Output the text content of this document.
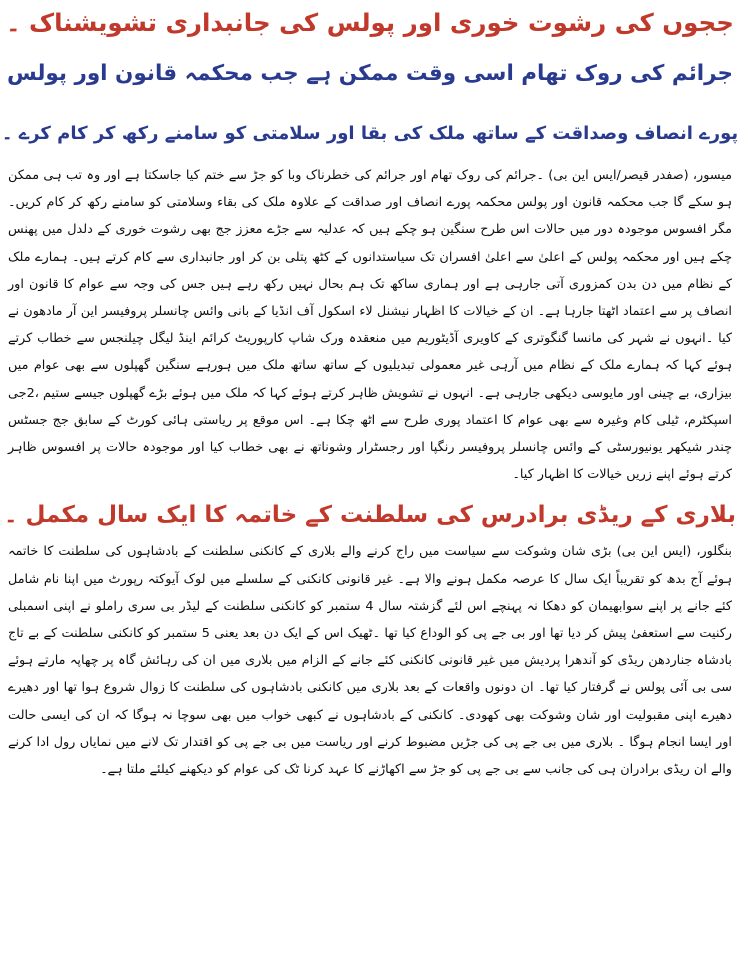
ججوں کی رشوت خوری اور پولس کی جانبداری تشویشناک ۔
جرائم کی روک تھام اسی وقت ممکن ہے جب محکمہ قانون اور پولس
پورے انصاف وصداقت کے ساتھ ملک کی بقا اور سلامتی کو سامنے رکھ کر کام کرے ۔

میسور، (صفدر قیصر/ایس این بی) ۔جرائم کی روک تھام اور جرائم کی خطرناک وبا کو جڑ سے ختم کیا جاسکتا ہے اور وہ تب ہی ممکن ہو سکے گا جب محکمہ قانون اور پولس محکمہ پورے انصاف اور صداقت کے علاوہ ملک کی بقاء وسلامتی کو سامنے رکھ کر کام کریں۔ مگر افسوس موجودہ دور میں حالات اس طرح سنگین ہو چکے ہیں کہ عدلیہ سے جڑے معزز جج بھی رشوت خوری کے دلدل میں پھنس چکے ہیں اور محکمہ پولس کے اعلیٰ سے اعلیٰ افسران تک سیاستدانوں کے کٹھ پتلی بن کر اور جانبداری سے کام کرتے ہیں۔ ہمارے ملک کے نظام میں دن بدن کمزوری آتی جارہی ہے اور ہماری ساکھ تک ہم بحال نہیں رکھ رہے ہیں جس کی وجہ سے عوام کا قانون اور انصاف پر سے اعتماد اٹھتا جارہا ہے۔ ان کے خیالات کا اظہار نیشنل لاء اسکول آف انڈیا کے بانی وائس چانسلر پروفیسر این آر مادھون نے کیا ۔انہوں نے شہر کی مانسا گنگوتری کے کاویری آڈیٹوریم میں منعقدہ ورک شاپ کارپوریٹ کرائم اینڈ لیگل چیلنجس سے خطاب کرتے ہوئے کہا کہ ہمارے ملک کے نظام میں آرہی غیر معمولی تبدیلیوں کے ساتھ ساتھ ملک میں ہورہے سنگین گھپلوں سے بھی عوام میں بیزاری، بے چینی اور مایوسی دیکھی جارہی ہے۔ انہوں نے تشویش ظاہر کرتے ہوئے کہا کہ ملک میں ہوئے بڑے گھپلوں جیسے ستیم ،2جی اسپکٹرم، ٹیلی کام وغیرہ سے بھی عوام کا اعتماد پوری طرح سے اٹھ چکا ہے۔ اس موقع پر ریاستی ہائی کورٹ کے سابق جج جسٹس چندر شیکھر یونیورسٹی کے وائس چانسلر پروفیسر رنگپا اور رجسٹرار وشوناتھ نے بھی خطاب کیا اور موجودہ حالات پر افسوس ظاہر کرتے ہوئے اپنے زریں خیالات کا اظہار کیا۔

بلاری کے ریڈی برادرس کی سلطنت کے خاتمہ کا ایک سال مکمل ۔

بنگلور، (ایس این بی) بڑی شان وشوکت سے سیاست میں راج کرنے والے بلاری کے کانکنی سلطنت کے بادشاہوں کی سلطنت کا خاتمہ ہوئے آج بدھ کو تقریباً ایک سال کا عرصہ مکمل ہونے والا ہے۔ غیر قانونی کانکنی کے سلسلے میں لوک آیوکتہ رپورٹ میں اپنا نام شامل کئے جانے پر اپنے سوابھیمان کو دھکا نہ پہنچے اس لئے گزشتہ سال 4 ستمبر کو کانکنی سلطنت کے لیڈر بی سری راملو نے اپنی اسمبلی رکنیت سے استعفیٰ پیش کر دیا تھا اور بی جے پی کو الوداع کیا تھا ۔ٹھیک اس کے ایک دن بعد یعنی 5 ستمبر کو کانکنی سلطنت کے بے تاج بادشاہ جناردھن ریڈی کو آندھرا پردیش میں غیر قانونی کانکنی کئے جانے کے الزام میں بلاری میں ان کی رہائش گاہ پر چھاپہ مارتے ہوئے سی بی آئی پولس نے گرفتار کیا تھا۔ ان دونوں واقعات کے بعد بلاری میں کانکنی بادشاہوں کی سلطنت کا زوال شروع ہوا تھا اور دھیرے دھیرے اپنی مقبولیت اور شان وشوکت بھی کھودی۔ کانکنی کے بادشاہوں نے کبھی خواب میں بھی سوچا نہ ہوگا کہ ان کی ایسی حالت اور ایسا انجام ہوگا ۔ بلاری میں بی جے پی کی جڑیں مضبوط کرنے اور ریاست میں بی جے پی کو اقتدار تک لانے میں نمایاں رول ادا کرنے والے ان ریڈی برادران ہی کی جانب سے بی جے پی کو جڑ سے اکھاڑنے کا عہد کرنا ٹک کی عوام کو دیکھنے کیلئے ملتا ہے۔
